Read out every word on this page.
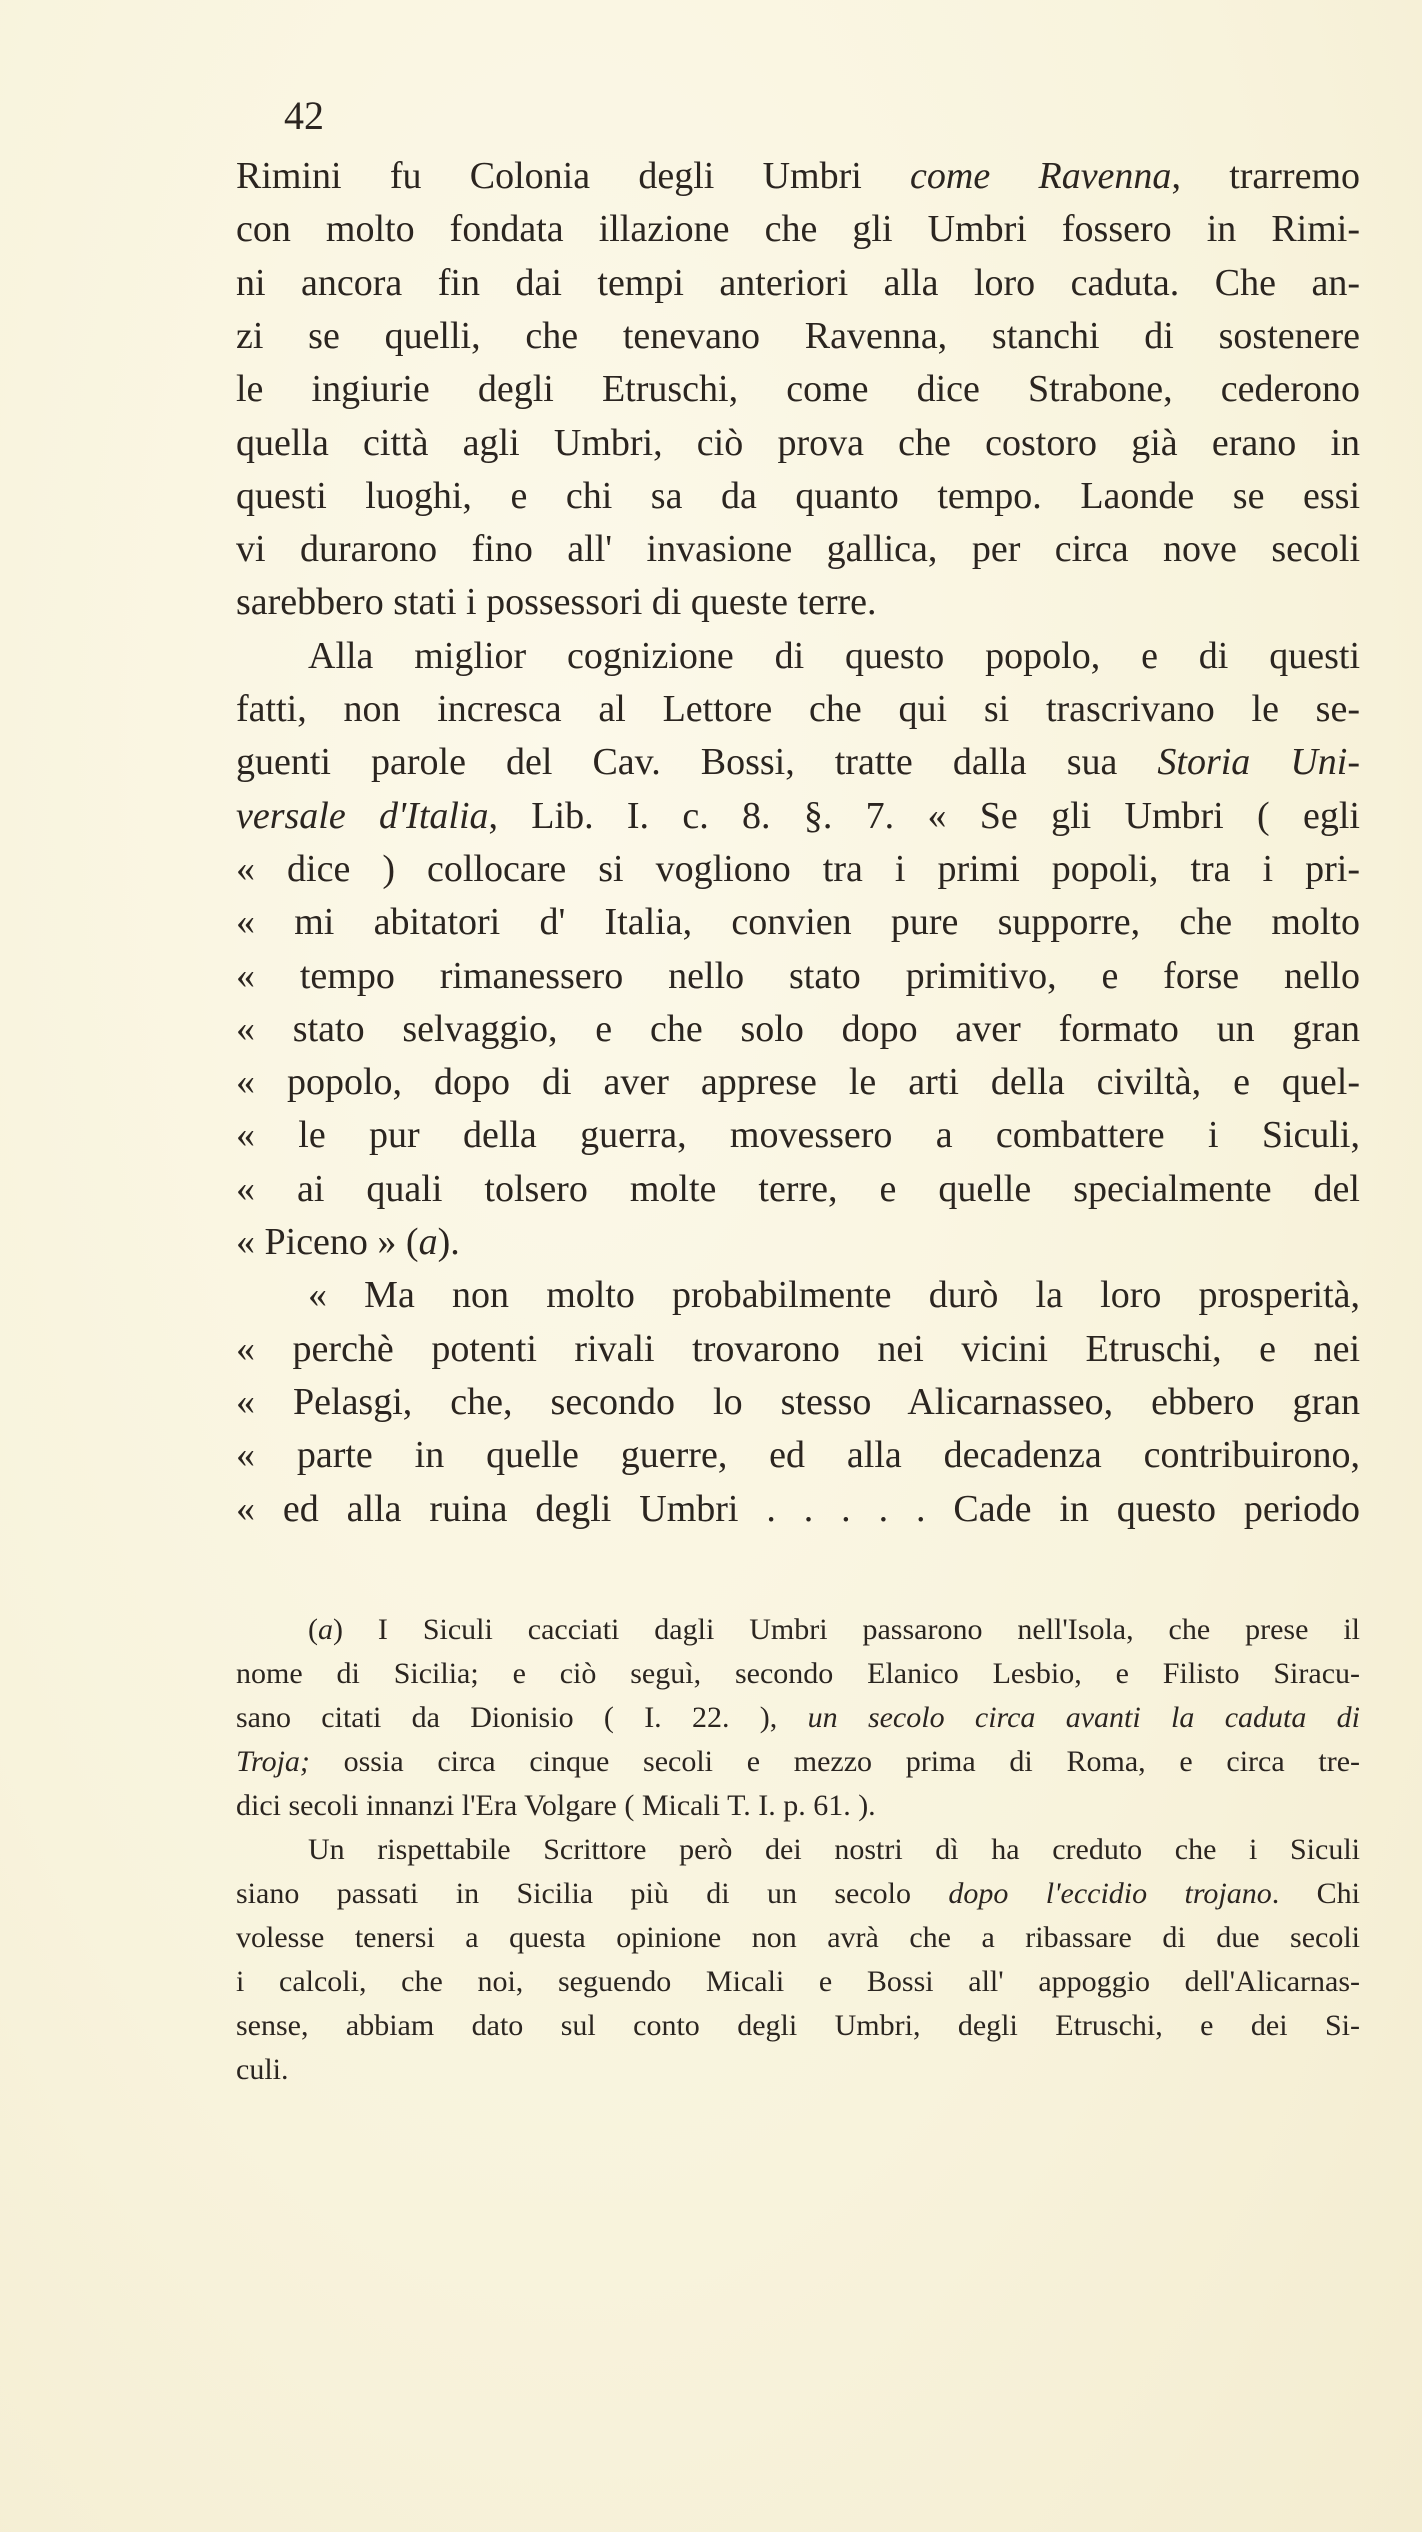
42
Rimini fu Colonia degli Umbri come Ravenna, trarremo
con molto fondata illazione che gli Umbri fossero in Rimi-
ni ancora fin dai tempi anteriori alla loro caduta. Che an-
zi se quelli, che tenevano Ravenna, stanchi di sostenere
le ingiurie degli Etruschi, come dice Strabone, cederono
quella città agli Umbri, ciò prova che costoro già erano in
questi luoghi, e chi sa da quanto tempo. Laonde se essi
vi durarono fino all' invasione gallica, per circa nove secoli
sarebbero stati i possessori di queste terre.
Alla miglior cognizione di questo popolo, e di questi
fatti, non incresca al Lettore che qui si trascrivano le se-
guenti parole del Cav. Bossi, tratte dalla sua Storia Uni-
versale d'Italia, Lib. I. c. 8. §. 7. « Se gli Umbri ( egli
« dice ) collocare si vogliono tra i primi popoli, tra i pri-
« mi abitatori d' Italia, convien pure supporre, che molto
« tempo rimanessero nello stato primitivo, e forse nello
« stato selvaggio, e che solo dopo aver formato un gran
« popolo, dopo di aver apprese le arti della civiltà, e quel-
« le pur della guerra, movessero a combattere i Siculi,
« ai quali tolsero molte terre, e quelle specialmente del
« Piceno » (a).
« Ma non molto probabilmente durò la loro prosperità,
« perchè potenti rivali trovarono nei vicini Etruschi, e nei
« Pelasgi, che, secondo lo stesso Alicarnasseo, ebbero gran
« parte in quelle guerre, ed alla decadenza contribuirono,
« ed alla ruina degli Umbri . . . . . Cade in questo periodo
(a) I Siculi cacciati dagli Umbri passarono nell'Isola, che prese il
nome di Sicilia; e ciò seguì, secondo Elanico Lesbio, e Filisto Siracu-
sano citati da Dionisio ( I. 22. ), un secolo circa avanti la caduta di
Troja; ossia circa cinque secoli e mezzo prima di Roma, e circa tre-
dici secoli innanzi l'Era Volgare ( Micali T. I. p. 61. ).
Un rispettabile Scrittore però dei nostri dì ha creduto che i Siculi
siano passati in Sicilia più di un secolo dopo l'eccidio trojano. Chi
volesse tenersi a questa opinione non avrà che a ribassare di due secoli
i calcoli, che noi, seguendo Micali e Bossi all' appoggio dell'Alicarnas-
sense, abbiam dato sul conto degli Umbri, degli Etruschi, e dei Si-
culi.
